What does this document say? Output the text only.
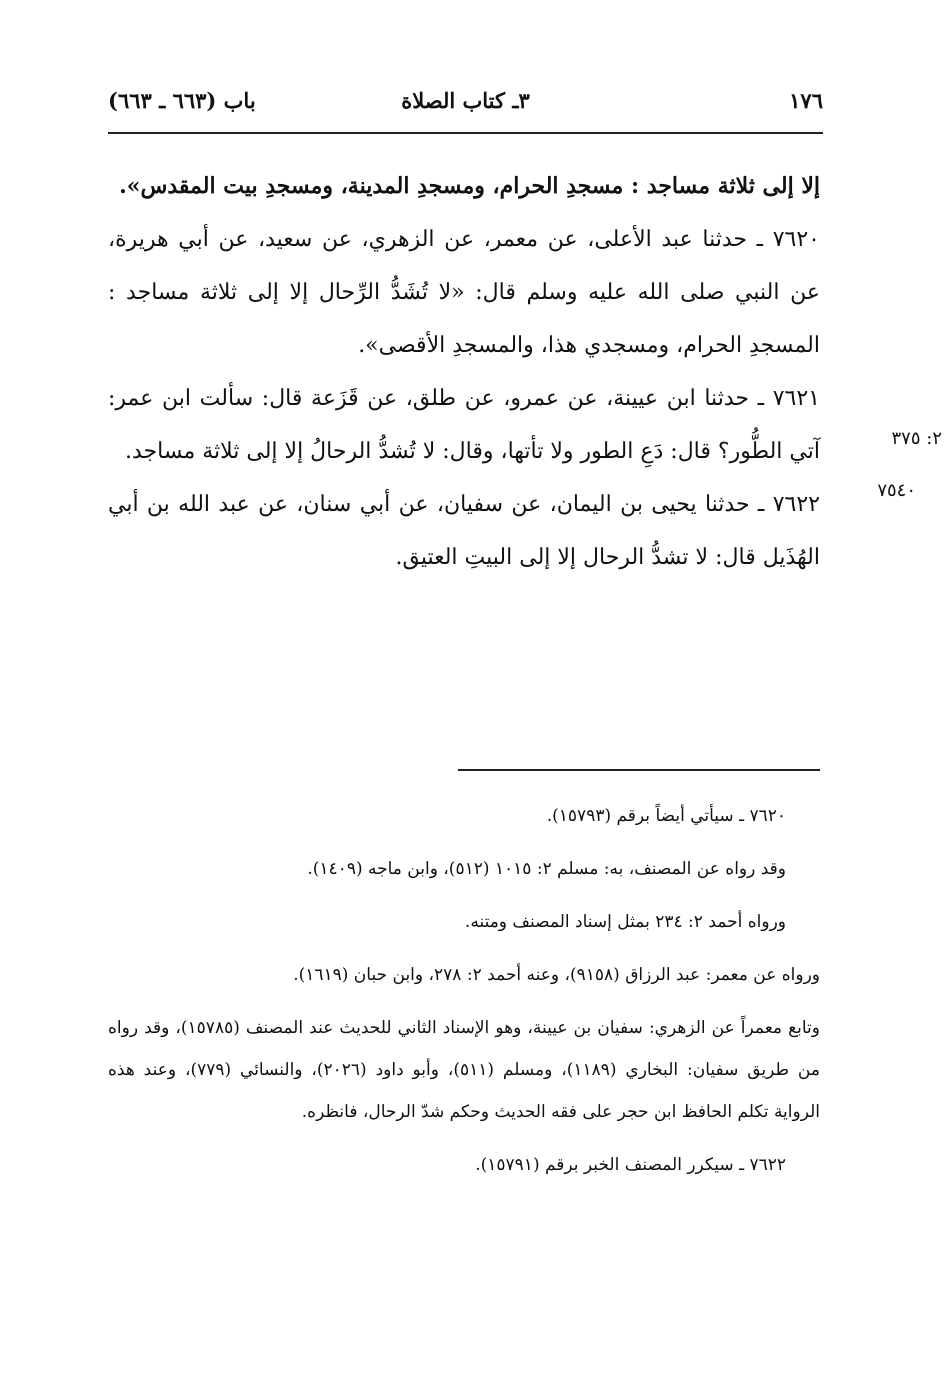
١٧٦
٣ـ كتاب الصلاة
باب (٦٦٣ ـ ٦٦٣)

إلا إلى ثلاثة مساجد : مسجدِ الحرام، ومسجدِ المدينة، ومسجدِ بيت المقدس».

٧٦٢٠ ـ حدثنا عبد الأعلى، عن معمر، عن الزهري، عن سعيد، عن أبي هريرة، عن النبي صلى الله عليه وسلم قال: «لا تُشَدُّ الرِّحال إلا إلى ثلاثة مساجد : المسجدِ الحرام، ومسجدي هذا، والمسجدِ الأقصى».

٧٦٢١ ـ حدثنا ابن عيينة، عن عمرو، عن طلق، عن قَزَعة قال: سألت ابن عمر: آتي الطُّور؟ قال: دَعِ الطور ولا تأتها، وقال: لا تُشدُّ الرحالُ إلا إلى ثلاثة مساجد.

٢: ٣٧٥

٧٦٢٢ ـ حدثنا يحيى بن اليمان، عن سفيان، عن أبي سنان، عن عبد الله بن أبي الهُذَيل قال: لا تشدُّ الرحال إلا إلى البيتِ العتيق.

٧٥٤٠

٧٦٢٠ ـ سيأتي أيضاً برقم (١٥٧٩٣).

وقد رواه عن المصنف، به: مسلم ٢: ١٠١٥ (٥١٢)، وابن ماجه (١٤٠٩).

ورواه أحمد ٢: ٢٣٤ بمثل إسناد المصنف ومتنه.

ورواه عن معمر: عبد الرزاق (٩١٥٨)، وعنه أحمد ٢: ٢٧٨، وابن حبان (١٦١٩).

وتابع معمراً عن الزهري: سفيان بن عيينة، وهو الإسناد الثاني للحديث عند المصنف (١٥٧٨٥)، وقد رواه من طريق سفيان: البخاري (١١٨٩)، ومسلم (٥١١)، وأبو داود (٢٠٢٦)، والنسائي (٧٧٩)، وعند هذه الرواية تكلم الحافظ ابن حجر على فقه الحديث وحكم شدّ الرحال، فانظره.

٧٦٢٢ ـ سيكرر المصنف الخبر برقم (١٥٧٩١).
